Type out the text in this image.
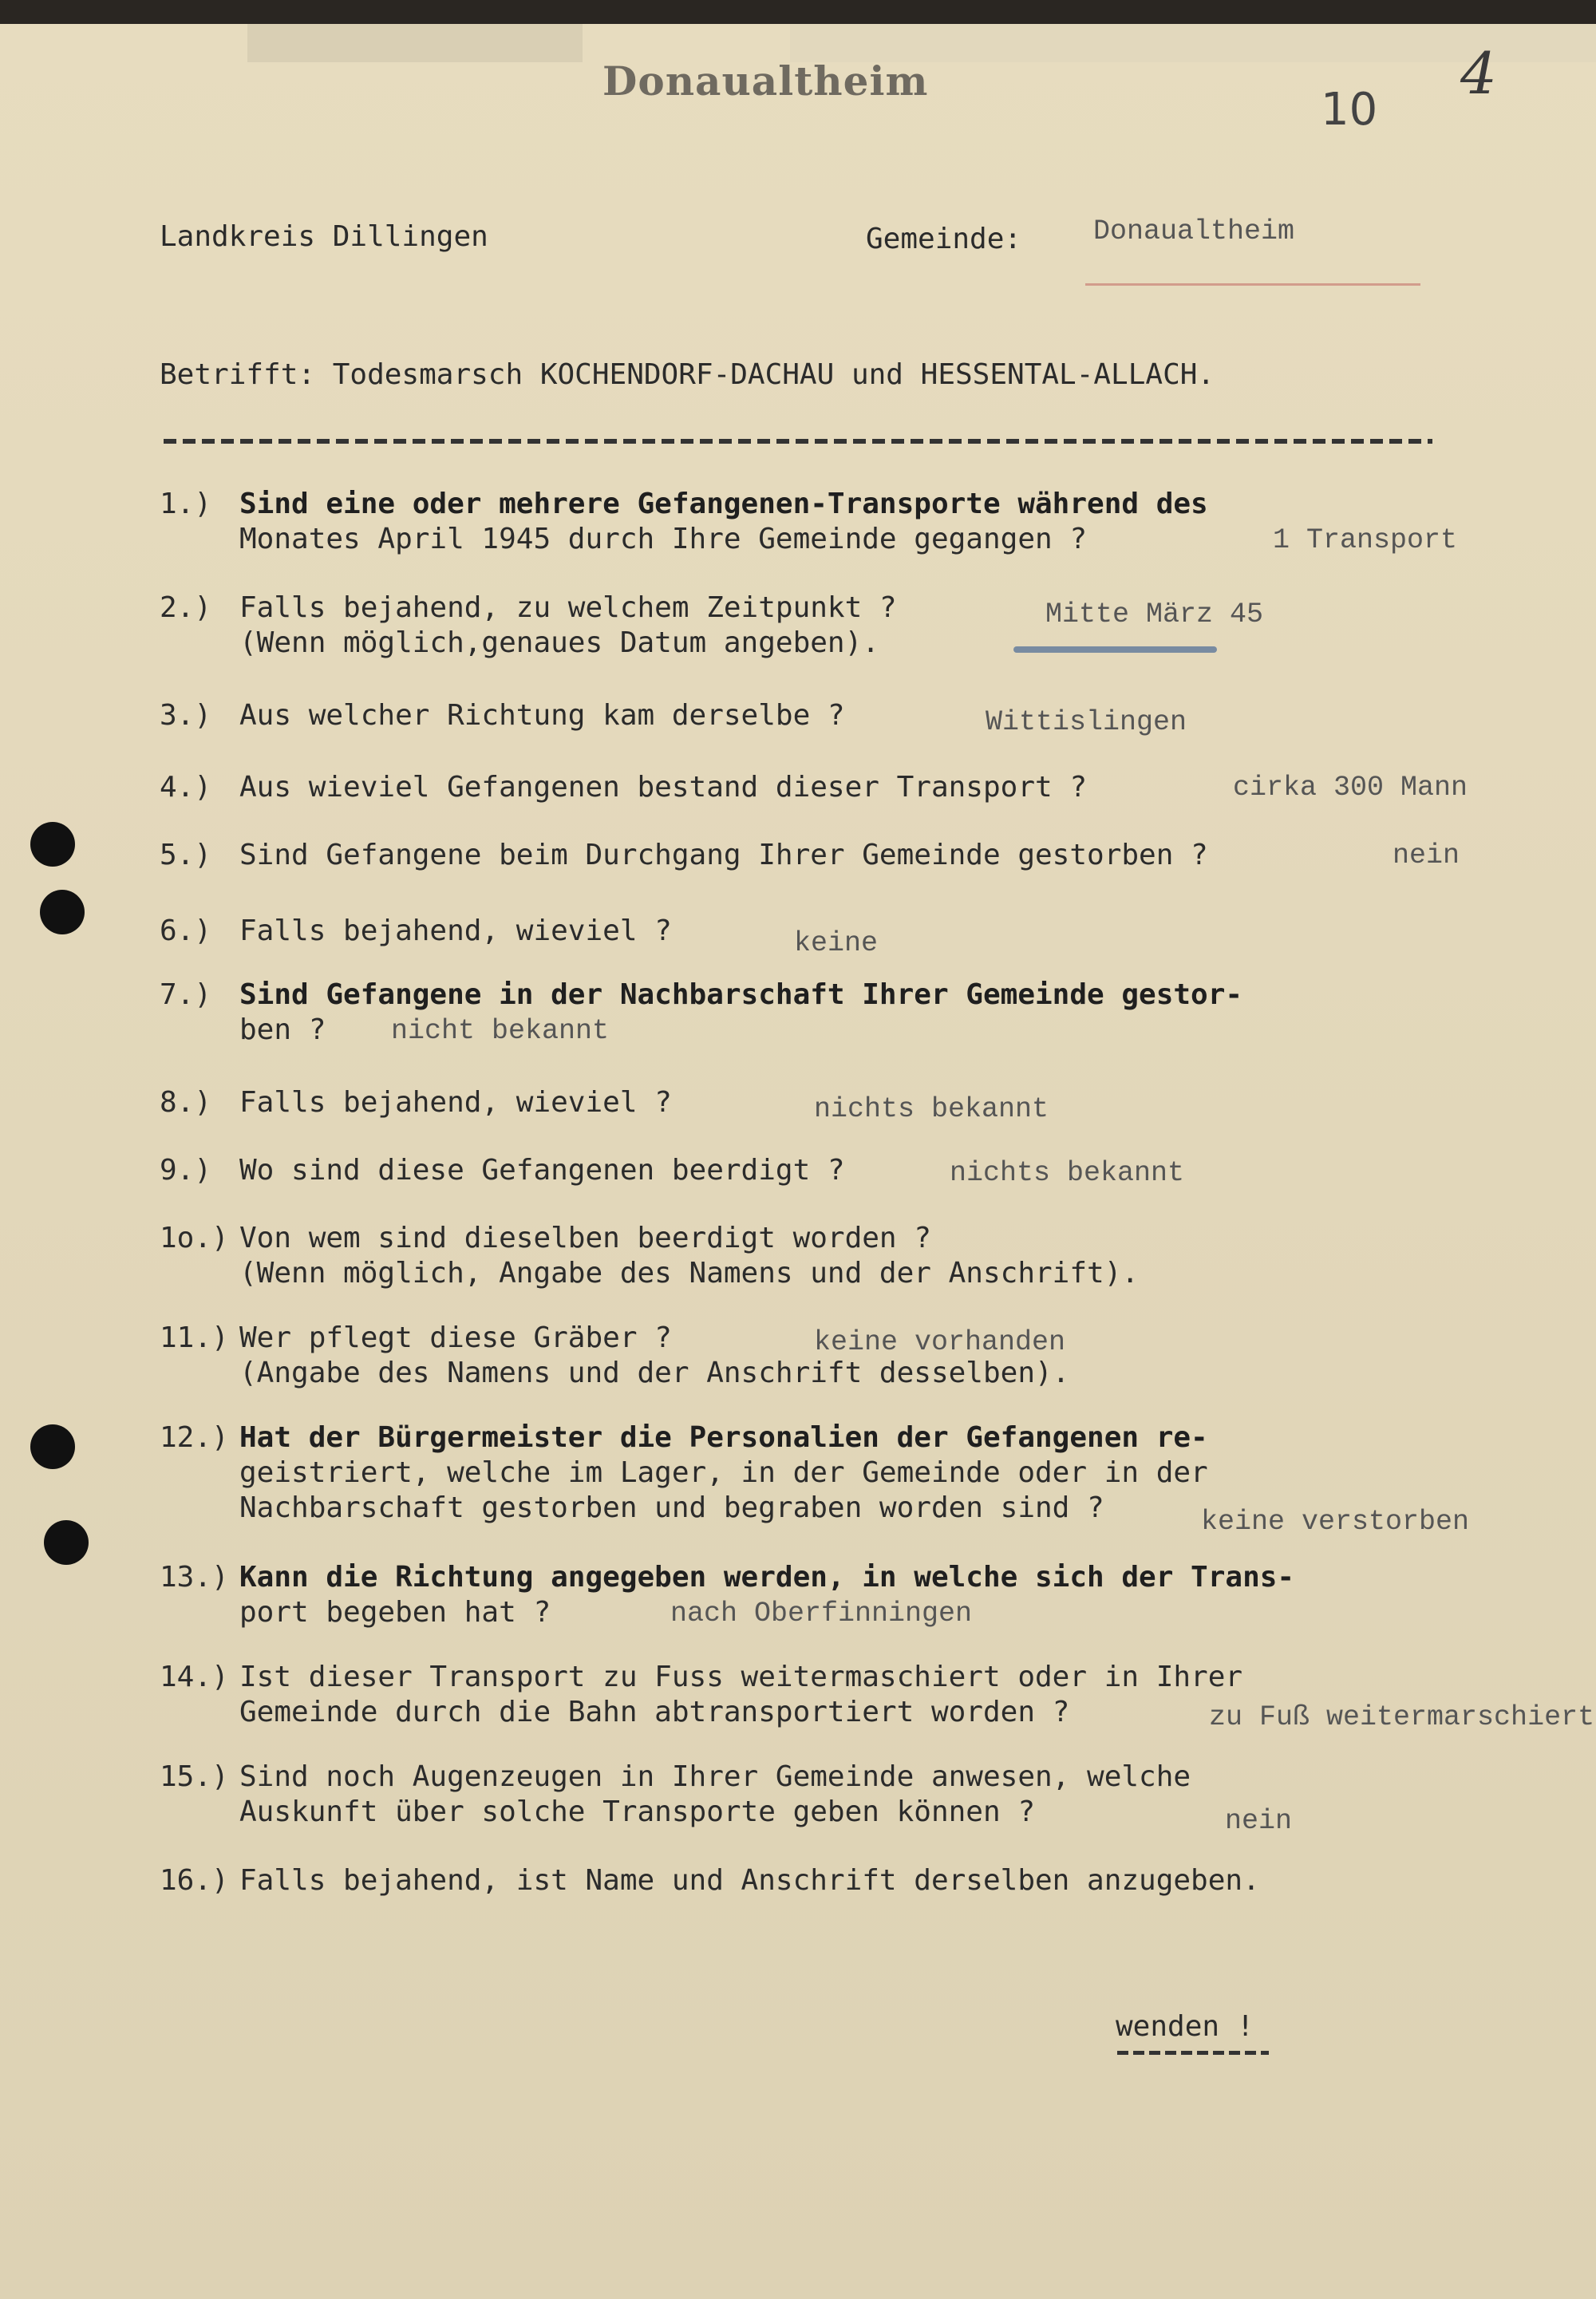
Donaualtheim
10
4
Landkreis Dillingen	Gemeinde:	Donaualtheim
Betrifft: Todesmarsch KOCHENDORF-DACHAU und HESSENTAL-ALLACH.
wenden !
1.) Sind eine oder mehrere Gefangenen-Transporte während des
Monates April 1945 durch Ihre Gemeinde gegangen ?	1 Transport
2.) Falls bejahend, zu welchem Zeitpunkt ?
(Wenn möglich,genaues Datum angeben).
Mitte März 45
3.) Aus welcher Richtung kam derselbe ?	Wittislingen
4.) Aus wieviel Gefangenen bestand dieser Transport ?	cirka 300 Mann
5.) Sind Gefangene beim Durchgang Ihrer Gemeinde gestorben ?	nein
6.) Falls bejahend, wieviel ?	keine
7.) Sind Gefangene in der Nachbarschaft Ihrer Gemeinde gestor-
ben ? nicht bekannt
8.) Falls bejahend, wieviel ?	nichts bekannt
9.) Wo sind diese Gefangenen beerdigt ?	nichts bekannt
1o.) Von wem sind dieselben beerdigt worden ?
(Wenn möglich, Angabe des Namens und der Anschrift).
11.) Wer pflegt diese Gräber ?
(Angabe des Namens und der Anschrift desselben).
keine vorhanden
12.) Hat der Bürgermeister die Personalien der Gefangenen re-
geistriert, welche im Lager, in der Gemeinde oder in der
Nachbarschaft gestorben und begraben worden sind ?	keine verstorben
13.) Kann die Richtung angegeben werden, in welche sich der Trans-
port begeben hat ?	nach Oberfinningen
14.) Ist dieser Transport zu Fuss weitermaschiert oder in Ihrer
Gemeinde durch die Bahn abtransportiert worden ?	zu Fuß weitermarschiert
15.) Sind noch Augenzeugen in Ihrer Gemeinde anwesen, welche
Auskunft über solche Transporte geben können ?	nein
16.) Falls bejahend, ist Name und Anschrift derselben anzugeben.
